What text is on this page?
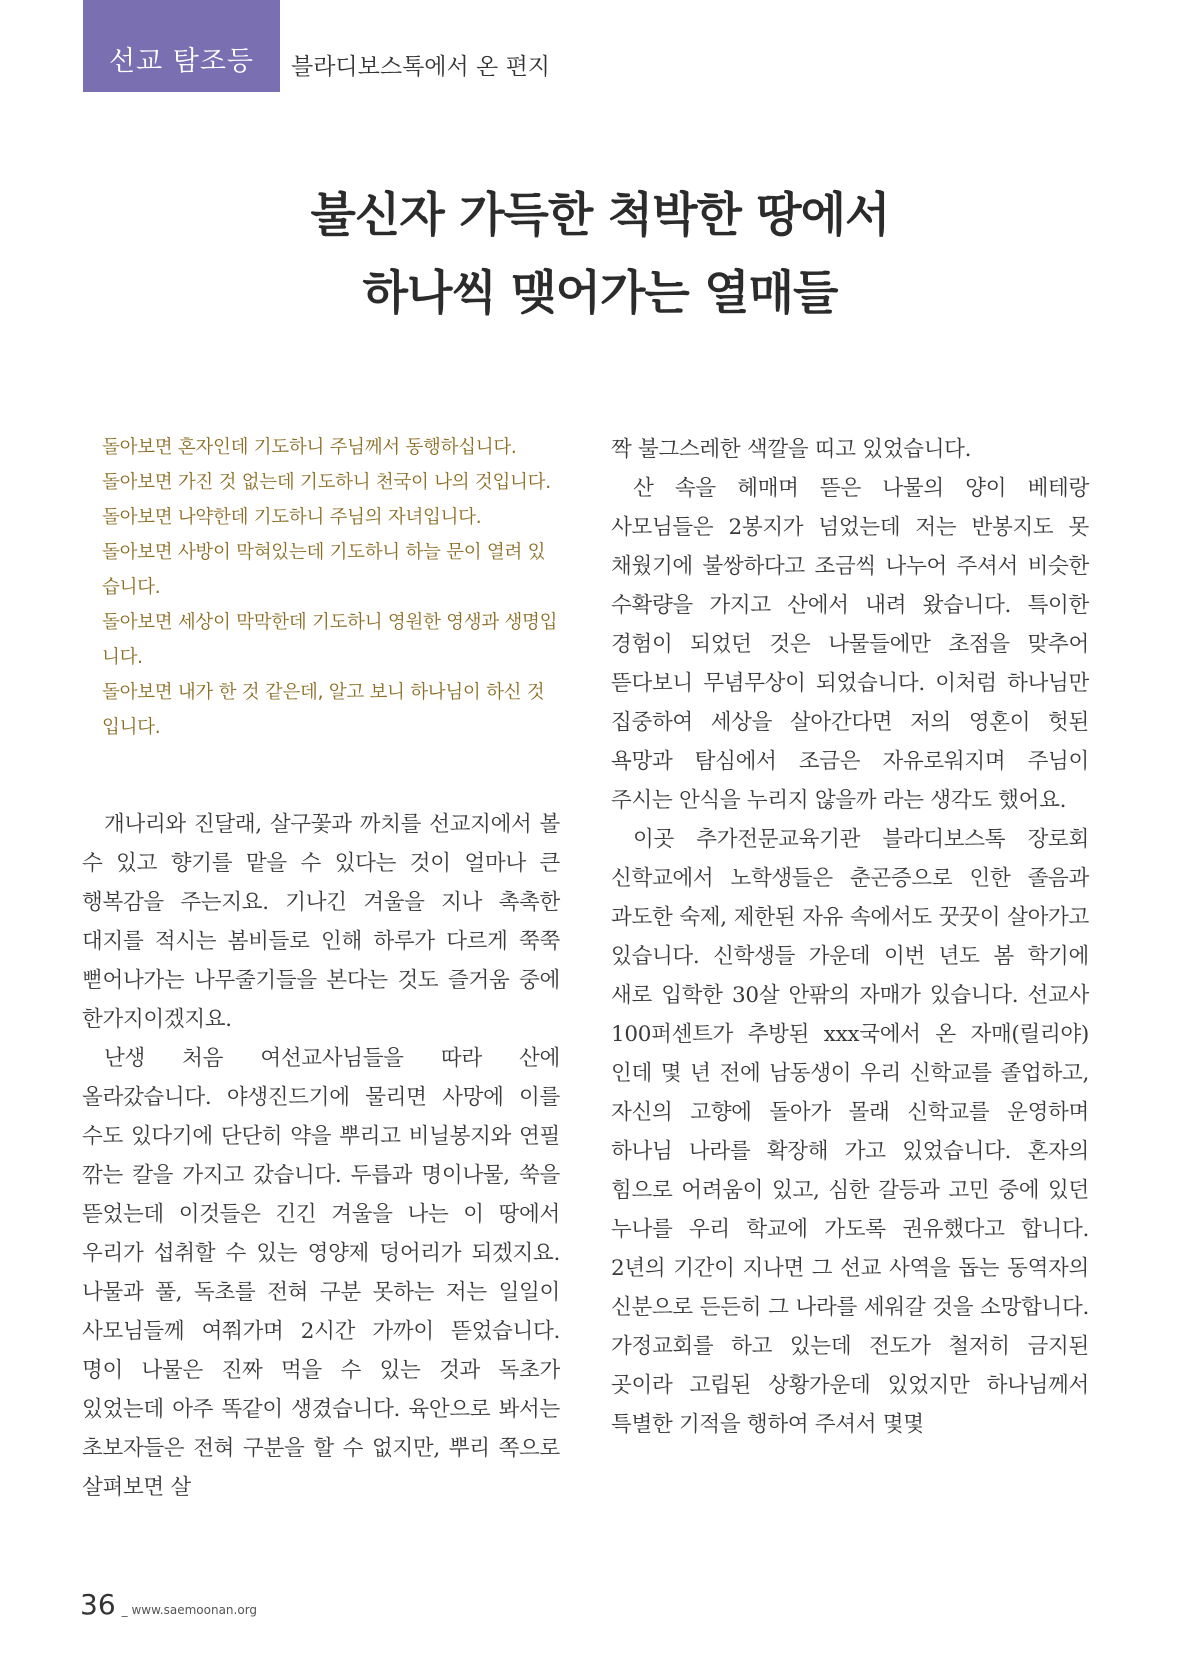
선교 탐조등	블라디보스톡에서 온 편지
불신자 가득한 척박한 땅에서
하나씩 맺어가는 열매들
돌아보면 혼자인데 기도하니 주님께서 동행하십니다.
돌아보면 가진 것 없는데 기도하니 천국이 나의 것입니다.
돌아보면 나약한데 기도하니 주님의 자녀입니다.
돌아보면 사방이 막혀있는데 기도하니 하늘 문이 열려 있습니다.
돌아보면 세상이 막막한데 기도하니 영원한 영생과 생명입니다.
돌아보면 내가 한 것 같은데, 알고 보니 하나님이 하신 것입니다.

개나리와 진달래, 살구꽃과 까치를 선교지에서 볼 수 있고 향기를 맡을 수 있다는 것이 얼마나 큰 행복감을 주는지요. 기나긴 겨울을 지나 촉촉한 대지를 적시는 봄비들로 인해 하루가 다르게 쭉쭉 뻗어나가는 나무줄기들을 본다는 것도 즐거움 중에 한가지이겠지요.

난생 처음 여선교사님들을 따라 산에 올라갔습니다. 야생진드기에 물리면 사망에 이를 수도 있다기에 단단히 약을 뿌리고 비닐봉지와 연필 깎는 칼을 가지고 갔습니다. 두릅과 명이나물, 쑥을 뜯었는데 이것들은 긴긴 겨울을 나는 이 땅에서 우리가 섭취할 수 있는 영양제 덩어리가 되겠지요. 나물과 풀, 독초를 전혀 구분 못하는 저는 일일이 사모님들께 여쭤가며 2시간 가까이 뜯었습니다. 명이 나물은 진짜 먹을 수 있는 것과 독초가 있었는데 아주 똑같이 생겼습니다. 육안으로 봐서는 초보자들은 전혀 구분을 할 수 없지만, 뿌리 쪽으로 살펴보면 살

짝 불그스레한 색깔을 띠고 있었습니다.

산 속을 헤매며 뜯은 나물의 양이 베테랑 사모님들은 2봉지가 넘었는데 저는 반봉지도 못 채웠기에 불쌍하다고 조금씩 나누어 주셔서 비슷한 수확량을 가지고 산에서 내려 왔습니다. 특이한 경험이 되었던 것은 나물들에만 초점을 맞추어 뜯다보니 무념무상이 되었습니다. 이처럼 하나님만 집중하여 세상을 살아간다면 저의 영혼이 헛된 욕망과 탐심에서 조금은 자유로워지며 주님이 주시는 안식을 누리지 않을까 라는 생각도 했어요.

이곳 추가전문교육기관 블라디보스톡 장로회 신학교에서 노학생들은 춘곤증으로 인한 졸음과 과도한 숙제, 제한된 자유 속에서도 꿋꿋이 살아가고 있습니다. 신학생들 가운데 이번 년도 봄 학기에 새로 입학한 30살 안팎의 자매가 있습니다. 선교사 100퍼센트가 추방된 xxx국에서 온 자매(릴리야)인데 몇 년 전에 남동생이 우리 신학교를 졸업하고, 자신의 고향에 돌아가 몰래 신학교를 운영하며 하나님 나라를 확장해 가고 있었습니다. 혼자의 힘으로 어려움이 있고, 심한 갈등과 고민 중에 있던 누나를 우리 학교에 가도록 권유했다고 합니다. 2년의 기간이 지나면 그 선교 사역을 돕는 동역자의 신분으로 든든히 그 나라를 세워갈 것을 소망합니다. 가정교회를 하고 있는데 전도가 철저히 금지된 곳이라 고립된 상황가운데 있었지만 하나님께서 특별한 기적을 행하여 주셔서 몇몇

36 _ www.saemoonan.org
